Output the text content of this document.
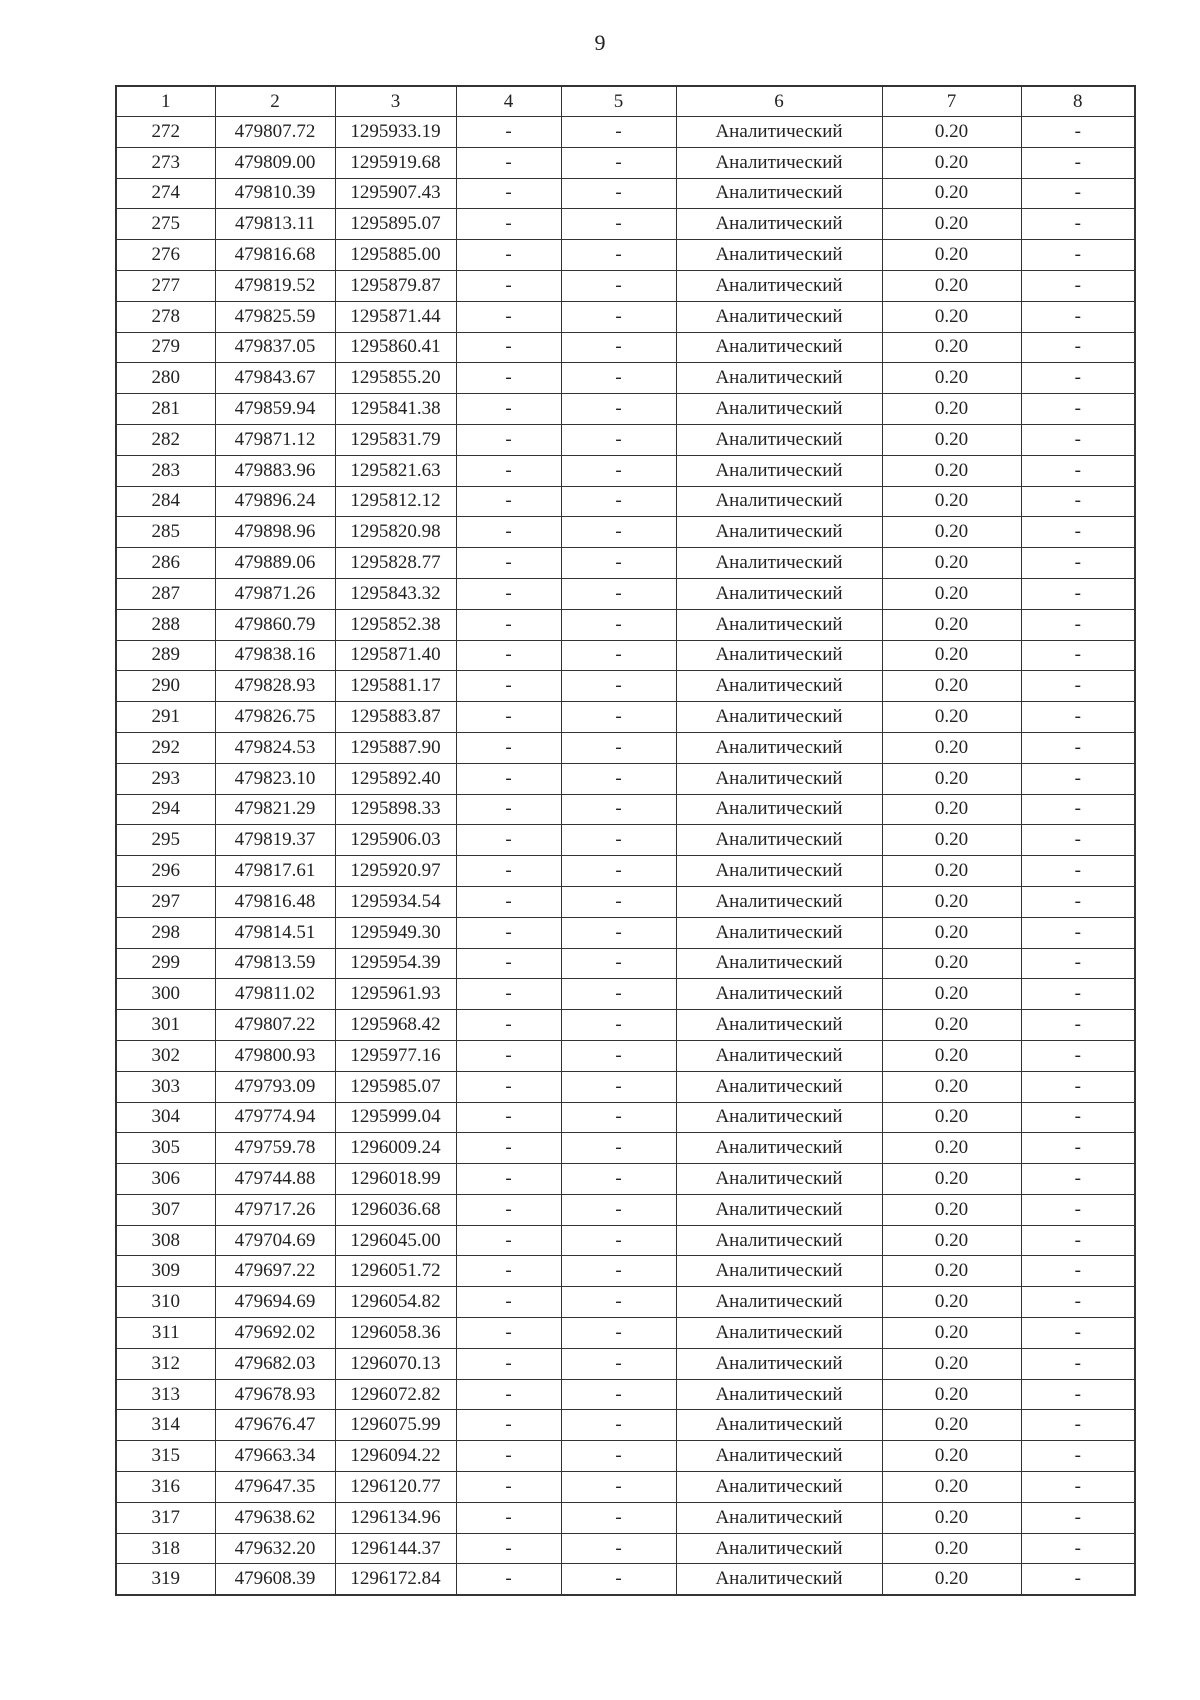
9
1	2	3	4	5	6	7	8
272	479807.72	1295933.19	-	-	Аналитический	0.20	-
273	479809.00	1295919.68	-	-	Аналитический	0.20	-
274	479810.39	1295907.43	-	-	Аналитический	0.20	-
275	479813.11	1295895.07	-	-	Аналитический	0.20	-
276	479816.68	1295885.00	-	-	Аналитический	0.20	-
277	479819.52	1295879.87	-	-	Аналитический	0.20	-
278	479825.59	1295871.44	-	-	Аналитический	0.20	-
279	479837.05	1295860.41	-	-	Аналитический	0.20	-
280	479843.67	1295855.20	-	-	Аналитический	0.20	-
281	479859.94	1295841.38	-	-	Аналитический	0.20	-
282	479871.12	1295831.79	-	-	Аналитический	0.20	-
283	479883.96	1295821.63	-	-	Аналитический	0.20	-
284	479896.24	1295812.12	-	-	Аналитический	0.20	-
285	479898.96	1295820.98	-	-	Аналитический	0.20	-
286	479889.06	1295828.77	-	-	Аналитический	0.20	-
287	479871.26	1295843.32	-	-	Аналитический	0.20	-
288	479860.79	1295852.38	-	-	Аналитический	0.20	-
289	479838.16	1295871.40	-	-	Аналитический	0.20	-
290	479828.93	1295881.17	-	-	Аналитический	0.20	-
291	479826.75	1295883.87	-	-	Аналитический	0.20	-
292	479824.53	1295887.90	-	-	Аналитический	0.20	-
293	479823.10	1295892.40	-	-	Аналитический	0.20	-
294	479821.29	1295898.33	-	-	Аналитический	0.20	-
295	479819.37	1295906.03	-	-	Аналитический	0.20	-
296	479817.61	1295920.97	-	-	Аналитический	0.20	-
297	479816.48	1295934.54	-	-	Аналитический	0.20	-
298	479814.51	1295949.30	-	-	Аналитический	0.20	-
299	479813.59	1295954.39	-	-	Аналитический	0.20	-
300	479811.02	1295961.93	-	-	Аналитический	0.20	-
301	479807.22	1295968.42	-	-	Аналитический	0.20	-
302	479800.93	1295977.16	-	-	Аналитический	0.20	-
303	479793.09	1295985.07	-	-	Аналитический	0.20	-
304	479774.94	1295999.04	-	-	Аналитический	0.20	-
305	479759.78	1296009.24	-	-	Аналитический	0.20	-
306	479744.88	1296018.99	-	-	Аналитический	0.20	-
307	479717.26	1296036.68	-	-	Аналитический	0.20	-
308	479704.69	1296045.00	-	-	Аналитический	0.20	-
309	479697.22	1296051.72	-	-	Аналитический	0.20	-
310	479694.69	1296054.82	-	-	Аналитический	0.20	-
311	479692.02	1296058.36	-	-	Аналитический	0.20	-
312	479682.03	1296070.13	-	-	Аналитический	0.20	-
313	479678.93	1296072.82	-	-	Аналитический	0.20	-
314	479676.47	1296075.99	-	-	Аналитический	0.20	-
315	479663.34	1296094.22	-	-	Аналитический	0.20	-
316	479647.35	1296120.77	-	-	Аналитический	0.20	-
317	479638.62	1296134.96	-	-	Аналитический	0.20	-
318	479632.20	1296144.37	-	-	Аналитический	0.20	-
319	479608.39	1296172.84	-	-	Аналитический	0.20	-
